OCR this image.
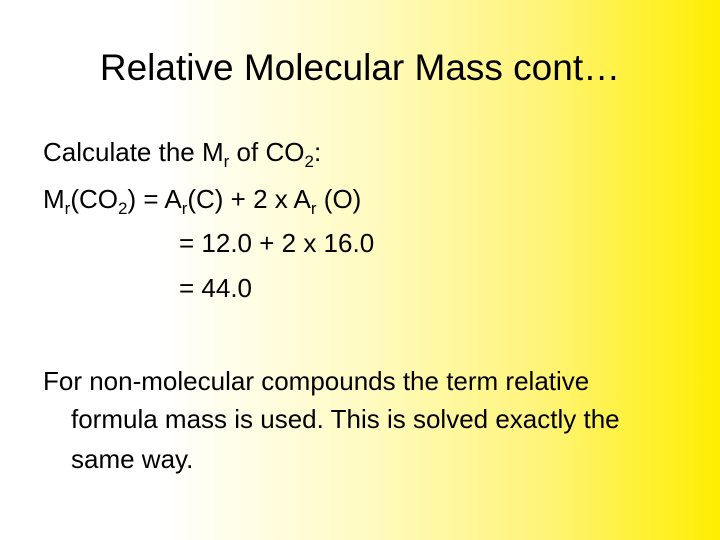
Relative Molecular Mass cont…
Calculate the $M_r$ of $CO_2$:
$M_r(CO_2) = A_r(C) + 2$ x $A_r$ (O)
= 12.0 + 2 x 16.0
= 44.0
For non-molecular compounds the term relative
formula mass is used. This is solved exactly the
same way.
